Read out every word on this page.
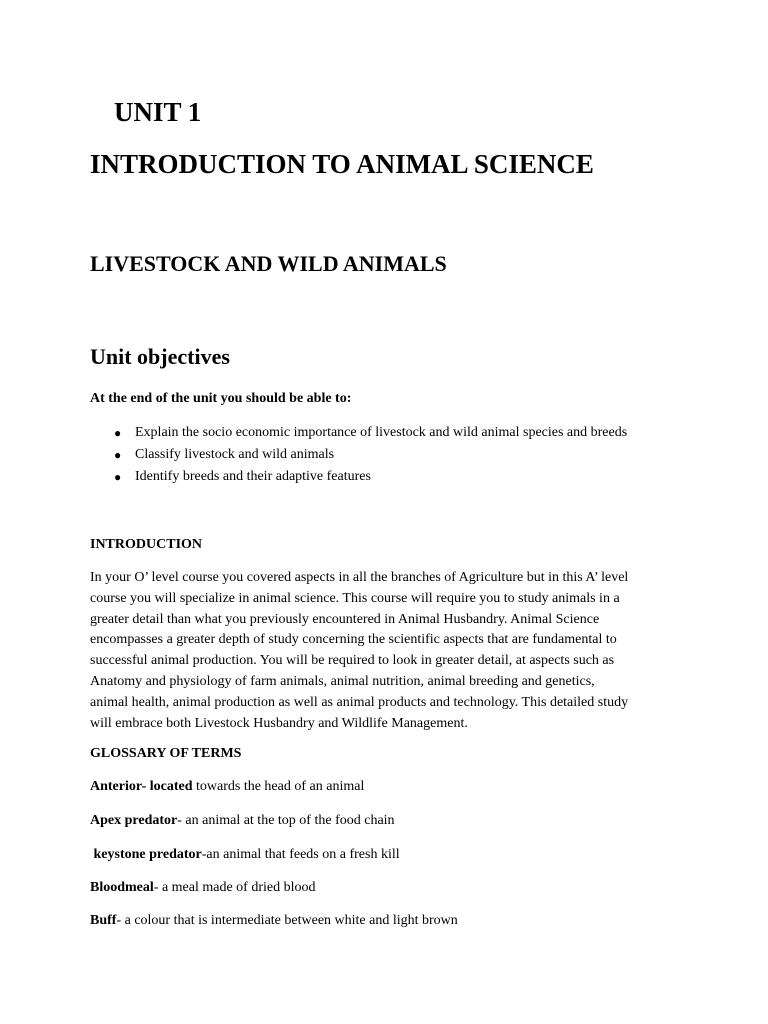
UNIT 1
INTRODUCTION TO ANIMAL SCIENCE
LIVESTOCK AND WILD ANIMALS
Unit objectives
At the end of the unit you should be able to:
● Explain the socio economic importance of livestock and wild animal species and breeds
● Classify livestock and wild animals
● Identify breeds and their adaptive features
INTRODUCTION
In your O’ level course you covered aspects in all the branches of Agriculture but in this A’ level
course you will specialize in animal science. This course will require you to study animals in a
greater detail than what you previously encountered in Animal Husbandry. Animal Science
encompasses a greater depth of study concerning the scientific aspects that are fundamental to
successful animal production. You will be required to look in greater detail, at aspects such as
Anatomy and physiology of farm animals, animal nutrition, animal breeding and genetics,
animal health, animal production as well as animal products and technology. This detailed study
will embrace both Livestock Husbandry and Wildlife Management.
GLOSSARY OF TERMS
Anterior- located towards the head of an animal
Apex predator- an animal at the top of the food chain
keystone predator-an animal that feeds on a fresh kill
Bloodmeal- a meal made of dried blood
Buff- a colour that is intermediate between white and light brown
